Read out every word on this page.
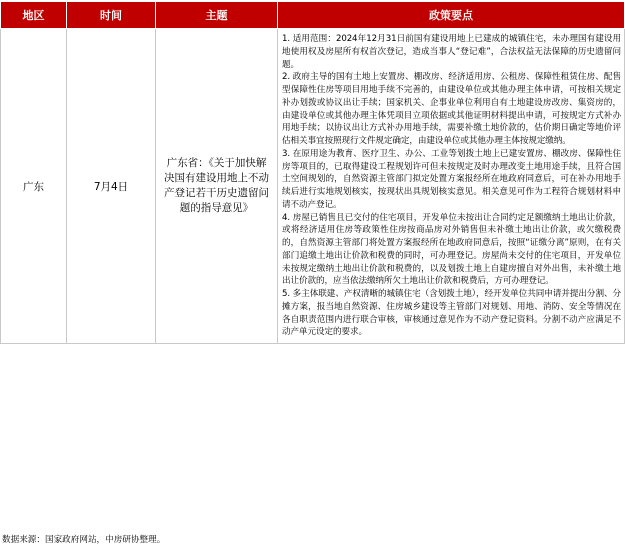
地区	时间	主题	政策要点
广东	7月4日	广东省：《关于加快解决国有建设用地上不动产登记若干历史遗留问题的指导意见》	1. 适用范围：2024年12月31日前国有建设用地上已建成的城镇住宅，未办理国有建设用地使用权及房屋所有权首次登记，造成当事人“登记难”，合法权益无法保障的历史遗留问题。
2. 政府主导的国有土地上安置房、棚改房、经济适用房、公租房、保障性租赁住房、配售型保障性住房等项目用地手续不完善的，由建设单位或其他办理主体申请，可按相关规定补办划拨或协议出让手续；国家机关、企事业单位利用自有土地建设房改房、集资房的，由建设单位或其他办理主体凭项目立项依据或其他证明材料提出申请，可按规定方式补办用地手续；以协议出让方式补办用地手续，需要补缴土地价款的，估价期日确定等地价评估相关事宜按照现行文件规定确定，由建设单位或其他办理主体按规定缴纳。
3. 在原用途为教育、医疗卫生、办公、工业等划拨土地上已建安置房、棚改房、保障性住房等项目的，已取得建设工程规划许可但未按规定及时办理改变土地用途手续，且符合国土空间规划的，自然资源主管部门拟定处置方案报经所在地政府同意后，可在补办用地手续后进行实地规划核实，按现状出具规划核实意见。相关意见可作为工程符合规划材料申请不动产登记。
4. 房屋已销售且已交付的住宅项目，开发单位未按出让合同约定足额缴纳土地出让价款，或将经济适用住房等政策性住房按商品房对外销售但未补缴土地出让价款，或欠缴税费的，自然资源主管部门将处置方案报经所在地政府同意后，按照“证缴分离”原则，在有关部门追缴土地出让价款和税费的同时，可办理登记。房屋尚未交付的住宅项目，开发单位未按规定缴纳土地出让价款和税费的，以及划拨土地上自建房擅自对外出售，未补缴土地出让价款的，应当依法缴纳所欠土地出让价款和税费后，方可办理登记。
5. 多主体联建、产权清晰的城镇住宅（含划拨土地），经开发单位共同申请并提出分割、分摊方案，报当地自然资源、住房城乡建设等主管部门对规划、用地、消防、安全等情况在各自职责范围内进行联合审核，审核通过意见作为不动产登记资料。分割不动产应满足不动产单元设定的要求。
数据来源：国家政府网站，中房研协整理。
